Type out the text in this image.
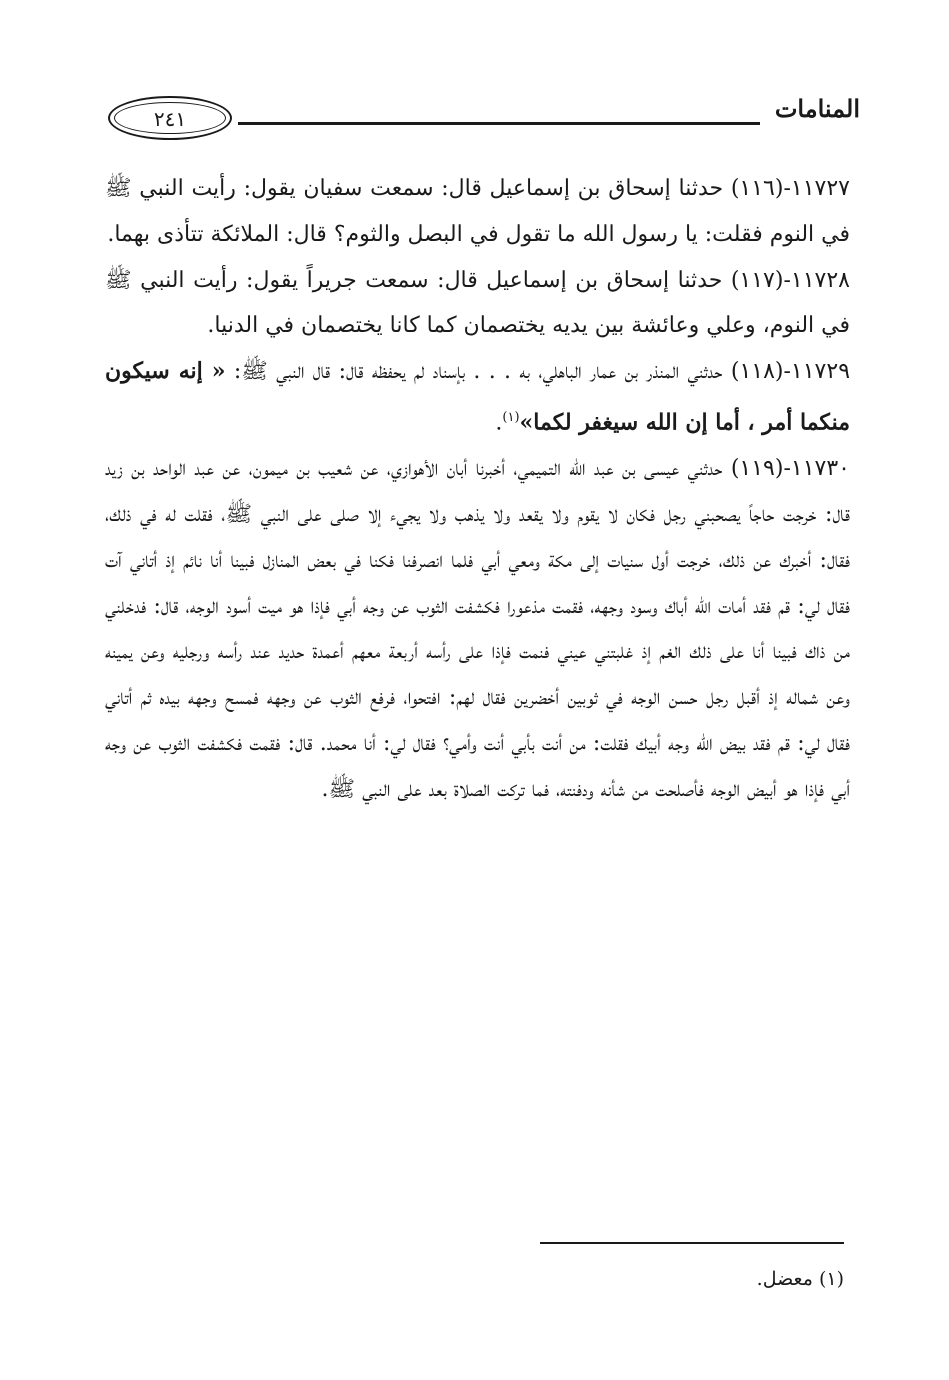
المنامات
٢٤١

١١٧٢٧-(١١٦) حدثنا إسحاق بن إسماعيل قال: سمعت سفيان يقول: رأيت النبي ﷺ في النوم فقلت: يا رسول الله ما تقول في البصل والثوم؟ قال: الملائكة تتأذى بهما.

١١٧٢٨-(١١٧) حدثنا إسحاق بن إسماعيل قال: سمعت جريراً يقول: رأيت النبي ﷺ في النوم، وعلي وعائشة بين يديه يختصمان كما كانا يختصمان في الدنيا.

١١٧٢٩-(١١٨) حدثني المنذر بن عمار الباهلي، به . . . بإسناد لم يحفظه قال: قال النبي ﷺ: « إنه سيكون منكما أمر ، أما إن الله سيغفر لكما»$^{(١)}$.

١١٧٣٠-(١١٩) حدثني عيسى بن عبد الله التميمي، أخبرنا أبان الأهوازي، عن شعيب بن ميمون، عن عبد الواحد بن زيد قال: خرجت حاجاً يصحبني رجل فكان لا يقوم ولا يقعد ولا يذهب ولا يجيء إلا صلى على النبي ﷺ، فقلت له في ذلك، فقال: أخبرك عن ذلك، خرجت أول سنيات إلى مكة ومعي أبي فلما انصرفنا فكنا في بعض المنازل فبينا أنا نائم إذ أتاني آت فقال لي: قم فقد أمات الله أباك وسود وجهه، فقمت مذعورا فكشفت الثوب عن وجه أبي فإذا هو ميت أسود الوجه، قال: فدخلني من ذاك فبينا أنا على ذلك الغم إذ غلبتني عيني فنمت فإذا على رأسه أربعة معهم أعمدة حديد عند رأسه ورجليه وعن يمينه وعن شماله إذ أقبل رجل حسن الوجه في ثوبين أخضرين فقال لهم: افتحوا، فرفع الثوب عن وجهه فمسح وجهه بيده ثم أتاني فقال لي: قم فقد بيض الله وجه أبيك فقلت: من أنت بأبي أنت وأمي؟ فقال لي: أنا محمد. قال: فقمت فكشفت الثوب عن وجه أبي فإذا هو أبيض الوجه فأصلحت من شأنه ودفنته، فما تركت الصلاة بعد على النبي ﷺ.

(١) معضل.
